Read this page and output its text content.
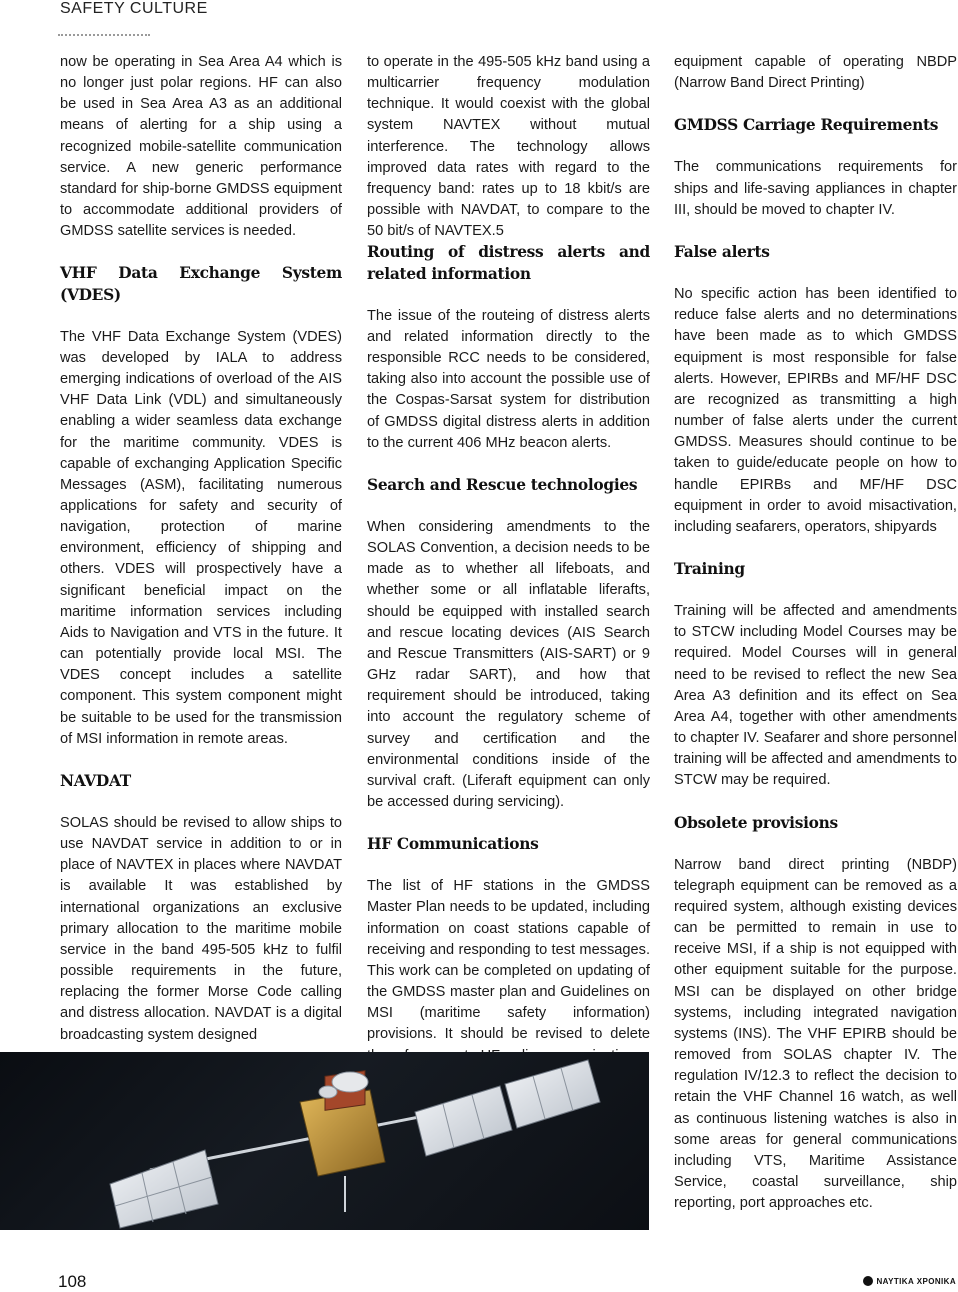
SAFETY CULTURE

now be operating in Sea Area A4 which is no longer just polar regions. HF can also be used in Sea Area A3 as an additional means of alerting for a ship using a recognized mobile-satellite communication service. A new generic performance standard for ship-borne GMDSS equipment to accommodate additional providers of GMDSS satellite services is needed.

VHF Data Exchange System (VDES)

The VHF Data Exchange System (VDES) was developed by IALA to address emerging indications of overload of the AIS VHF Data Link (VDL) and simultaneously enabling a wider seamless data exchange for the maritime community. VDES is capable of exchanging Application Specific Messages (ASM), facilitating numerous applications for safety and security of navigation, protection of marine environment, efficiency of shipping and others. VDES will prospectively have a significant beneficial impact on the maritime information services including Aids to Navigation and VTS in the future. It can potentially provide local MSI. The VDES concept includes a satellite component. This system component might be suitable to be used for the transmission of MSI information in remote areas.

NAVDAT

SOLAS should be revised to allow ships to use NAVDAT service in addition to or in place of NAVTEX in places where NAVDAT is available It was established by international organizations an exclusive primary allocation to the maritime mobile service in the band 495-505 kHz to fulfil possible requirements in the future, replacing the former Morse Code calling and distress allocation. NAVDAT is a digital broadcasting system designed

to operate in the 495-505 kHz band using a multicarrier frequency modulation technique. It would coexist with the global system NAVTEX without mutual interference. The technology allows improved data rates with regard to the frequency band: rates up to 18 kbit/s are possible with NAVDAT, to compare to the 50 bit/s of NAVTEX.5

Routing of distress alerts and related information

The issue of the routeing of distress alerts and related information directly to the responsible RCC needs to be considered, taking also into account the possible use of the Cospas-Sarsat system for distribution of GMDSS digital distress alerts in addition to the current 406 MHz beacon alerts.

Search and Rescue technologies

When considering amendments to the SOLAS Convention, a decision needs to be made as to whether all lifeboats, and whether some or all inflatable liferafts, should be equipped with installed search and rescue locating devices (AIS Search and Rescue Transmitters (AIS-SART) or 9 GHz radar SART), and how that requirement should be introduced, taking into account the regulatory scheme of survey and certification and the environmental conditions inside of the survival craft. (Liferaft equipment can only be accessed during servicing).

HF Communications

The list of HF stations in the GMDSS Master Plan needs to be updated, including information on coast stations capable of receiving and responding to test messages. This work can be completed on updating of the GMDSS master plan and Guidelines on MSI (maritime safety information) provisions. It should be revised to delete

equipment capable of operating NBDP (Narrow Band Direct Printing)

GMDSS Carriage Requirements

The communications requirements for ships and life-saving appliances in chapter III, should be moved to chapter IV.

False alerts

No specific action has been identified to reduce false alerts and no determinations have been made as to which GMDSS equipment is most responsible for false alerts. However, EPIRBs and MF/HF DSC are recognized as transmitting a high number of false alerts under the current GMDSS. Measures should continue to be taken to guide/educate people on how to handle EPIRBs and MF/HF DSC equipment in order to avoid misactivation, including seafarers, operators, shipyards

Training

Training will be affected and amendments to STCW including Model Courses may be required. Model Courses will in general need to be revised to reflect the new Sea Area A3 definition and its effect on Sea Area A4, together with other amendments to chapter IV. Seafarer and shore personnel training will be affected and amendments to STCW may be required.

Obsolete provisions

Narrow band direct printing (NBDP) telegraph equipment can be removed as a required system, although existing devices can be permitted to remain in use to receive MSI, if a ship is not equipped with other equipment suitable for the purpose. MSI can be displayed on other bridge systems, including integrated navigation systems (INS). The VHF EPIRB should be removed from SOLAS chapter IV. The regulation IV/12.3 to reflect the decision to retain the VHF Channel 16 watch, as well as continuous listening watches is also in some areas for general communications including VTS, Maritime Assistance Service, coastal surveillance, ship reporting, port approaches etc.

108	ΝΑΥΤΙΚΑ ΧΡΟΝΙΚΑ
